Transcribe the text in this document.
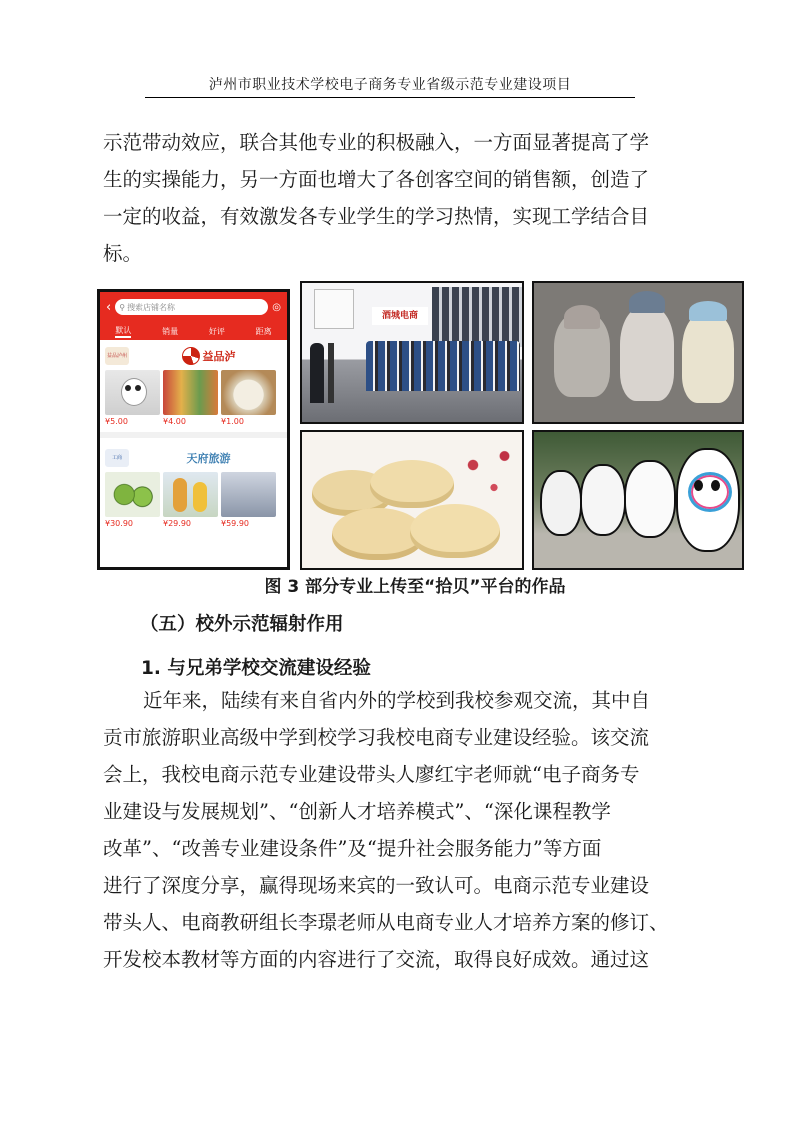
泸州市职业技术学校电子商务专业省级示范专业建设项目
示范带动效应，联合其他专业的积极融入，一方面显著提高了学
生的实操能力，另一方面也增大了各创客空间的销售额，创造了
一定的收益，有效激发各专业学生的学习热情，实现工学结合目
标。
‹ ⚲ 搜索店铺名称	◎
默认	销量	好评	距离
益品泸州	益品泸
¥5.00	¥4.00	¥1.00
工商	天府旅游
¥30.90	¥29.90	¥59.90
酒城电商
图 3 部分专业上传至“拾贝”平台的作品
（五）校外示范辐射作用
1. 与兄弟学校交流建设经验
近年来，陆续有来自省内外的学校到我校参观交流，其中自
贡市旅游职业高级中学到校学习我校电商专业建设经验。该交流
会上，我校电商示范专业建设带头人廖红宇老师就“电子商务专
业建设与发展规划”、“创新人才培养模式”、“深化课程教学
改革”、“改善专业建设条件”及“提升社会服务能力”等方面
进行了深度分享，赢得现场来宾的一致认可。电商示范专业建设
带头人、电商教研组长李璟老师从电商专业人才培养方案的修订、
开发校本教材等方面的内容进行了交流，取得良好成效。通过这
